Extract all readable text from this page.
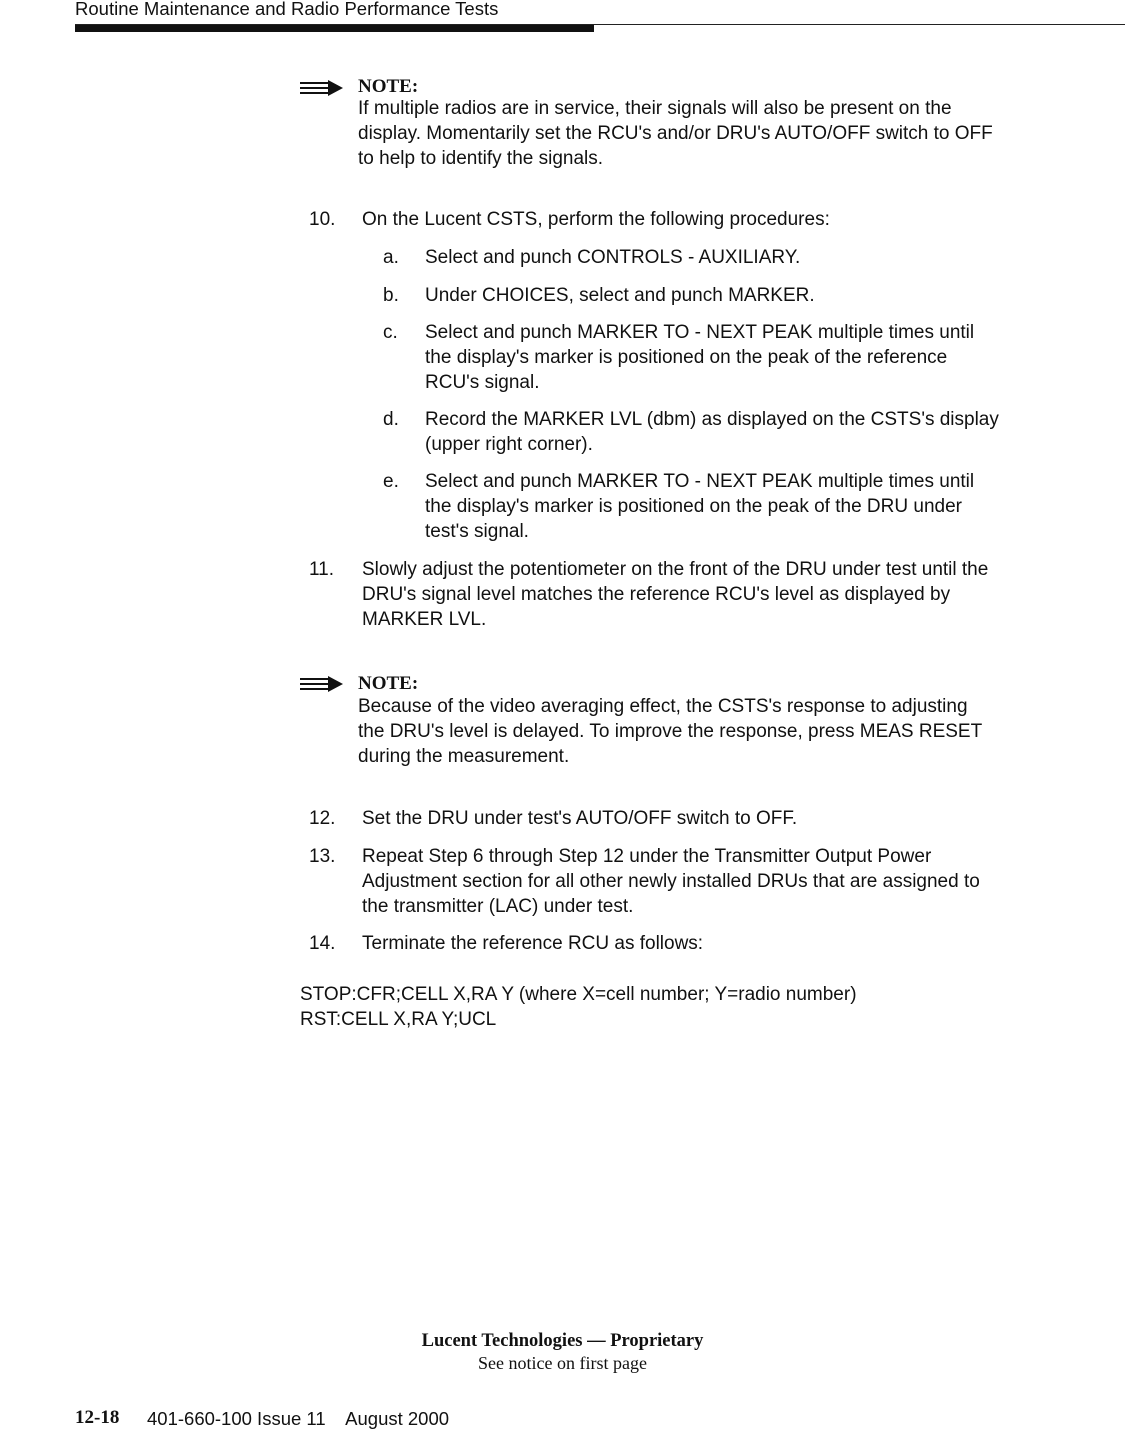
Routine Maintenance and Radio Performance Tests
NOTE:
If multiple radios are in service, their signals will also be present on the
display. Momentarily set the RCU's and/or DRU's AUTO/OFF switch to OFF
to help to identify the signals.
10. On the Lucent CSTS, perform the following procedures:
a. Select and punch CONTROLS - AUXILIARY.
b. Under CHOICES, select and punch MARKER.
c. Select and punch MARKER TO - NEXT PEAK multiple times until
the display's marker is positioned on the peak of the reference
RCU's signal.
d. Record the MARKER LVL (dbm) as displayed on the CSTS's display
(upper right corner).
e. Select and punch MARKER TO - NEXT PEAK multiple times until
the display's marker is positioned on the peak of the DRU under
test's signal.
11. Slowly adjust the potentiometer on the front of the DRU under test until the
DRU's signal level matches the reference RCU's level as displayed by
MARKER LVL.
NOTE:
Because of the video averaging effect, the CSTS's response to adjusting
the DRU's level is delayed. To improve the response, press MEAS RESET
during the measurement.
12. Set the DRU under test's AUTO/OFF switch to OFF.
13. Repeat Step 6 through Step 12 under the Transmitter Output Power
Adjustment section for all other newly installed DRUs that are assigned to
the transmitter (LAC) under test.
14. Terminate the reference RCU as follows:
STOP:CFR;CELL X,RA Y (where X=cell number; Y=radio number)
RST:CELL X,RA Y;UCL
Lucent Technologies — Proprietary
See notice on first page
12-18 401-660-100 Issue 11    August 2000
